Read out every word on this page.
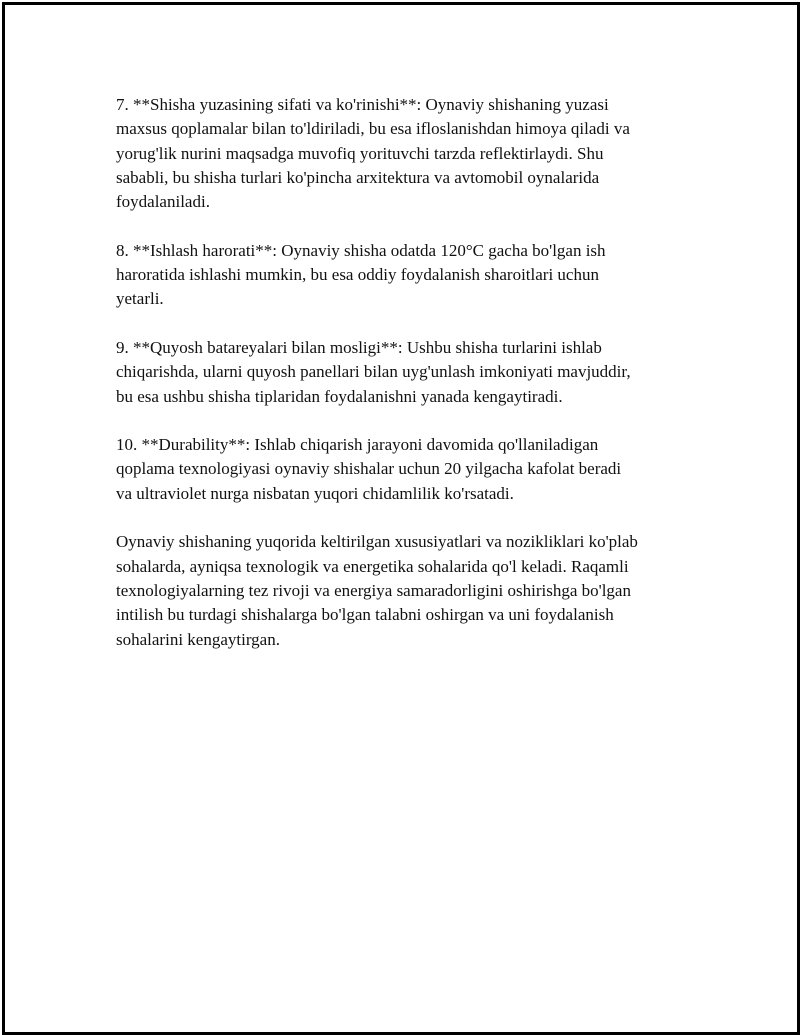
7. **Shisha yuzasining sifati va ko'rinishi**: Oynaviy shishaning yuzasi
maxsus qoplamalar bilan to'ldiriladi, bu esa ifloslanishdan himoya qiladi va
yorug'lik nurini maqsadga muvofiq yorituvchi tarzda reflektirlaydi. Shu
sababli, bu shisha turlari ko'pincha arxitektura va avtomobil oynalarida
foydalaniladi.

8. **Ishlash harorati**: Oynaviy shisha odatda 120°C gacha bo'lgan ish
haroratida ishlashi mumkin, bu esa oddiy foydalanish sharoitlari uchun
yetarli.

9. **Quyosh batareyalari bilan mosligi**: Ushbu shisha turlarini ishlab
chiqarishda, ularni quyosh panellari bilan uyg'unlash imkoniyati mavjuddir,
bu esa ushbu shisha tiplaridan foydalanishni yanada kengaytiradi.

10. **Durability**: Ishlab chiqarish jarayoni davomida qo'llaniladigan
qoplama texnologiyasi oynaviy shishalar uchun 20 yilgacha kafolat beradi
va ultraviolet nurga nisbatan yuqori chidamlilik ko'rsatadi.

Oynaviy shishaning yuqorida keltirilgan xususiyatlari va nozikliklari ko'plab
sohalarda, ayniqsa texnologik va energetika sohalarida qo'l keladi. Raqamli
texnologiyalarning tez rivoji va energiya samaradorligini oshirishga bo'lgan
intilish bu turdagi shishalarga bo'lgan talabni oshirgan va uni foydalanish
sohalarini kengaytirgan.
